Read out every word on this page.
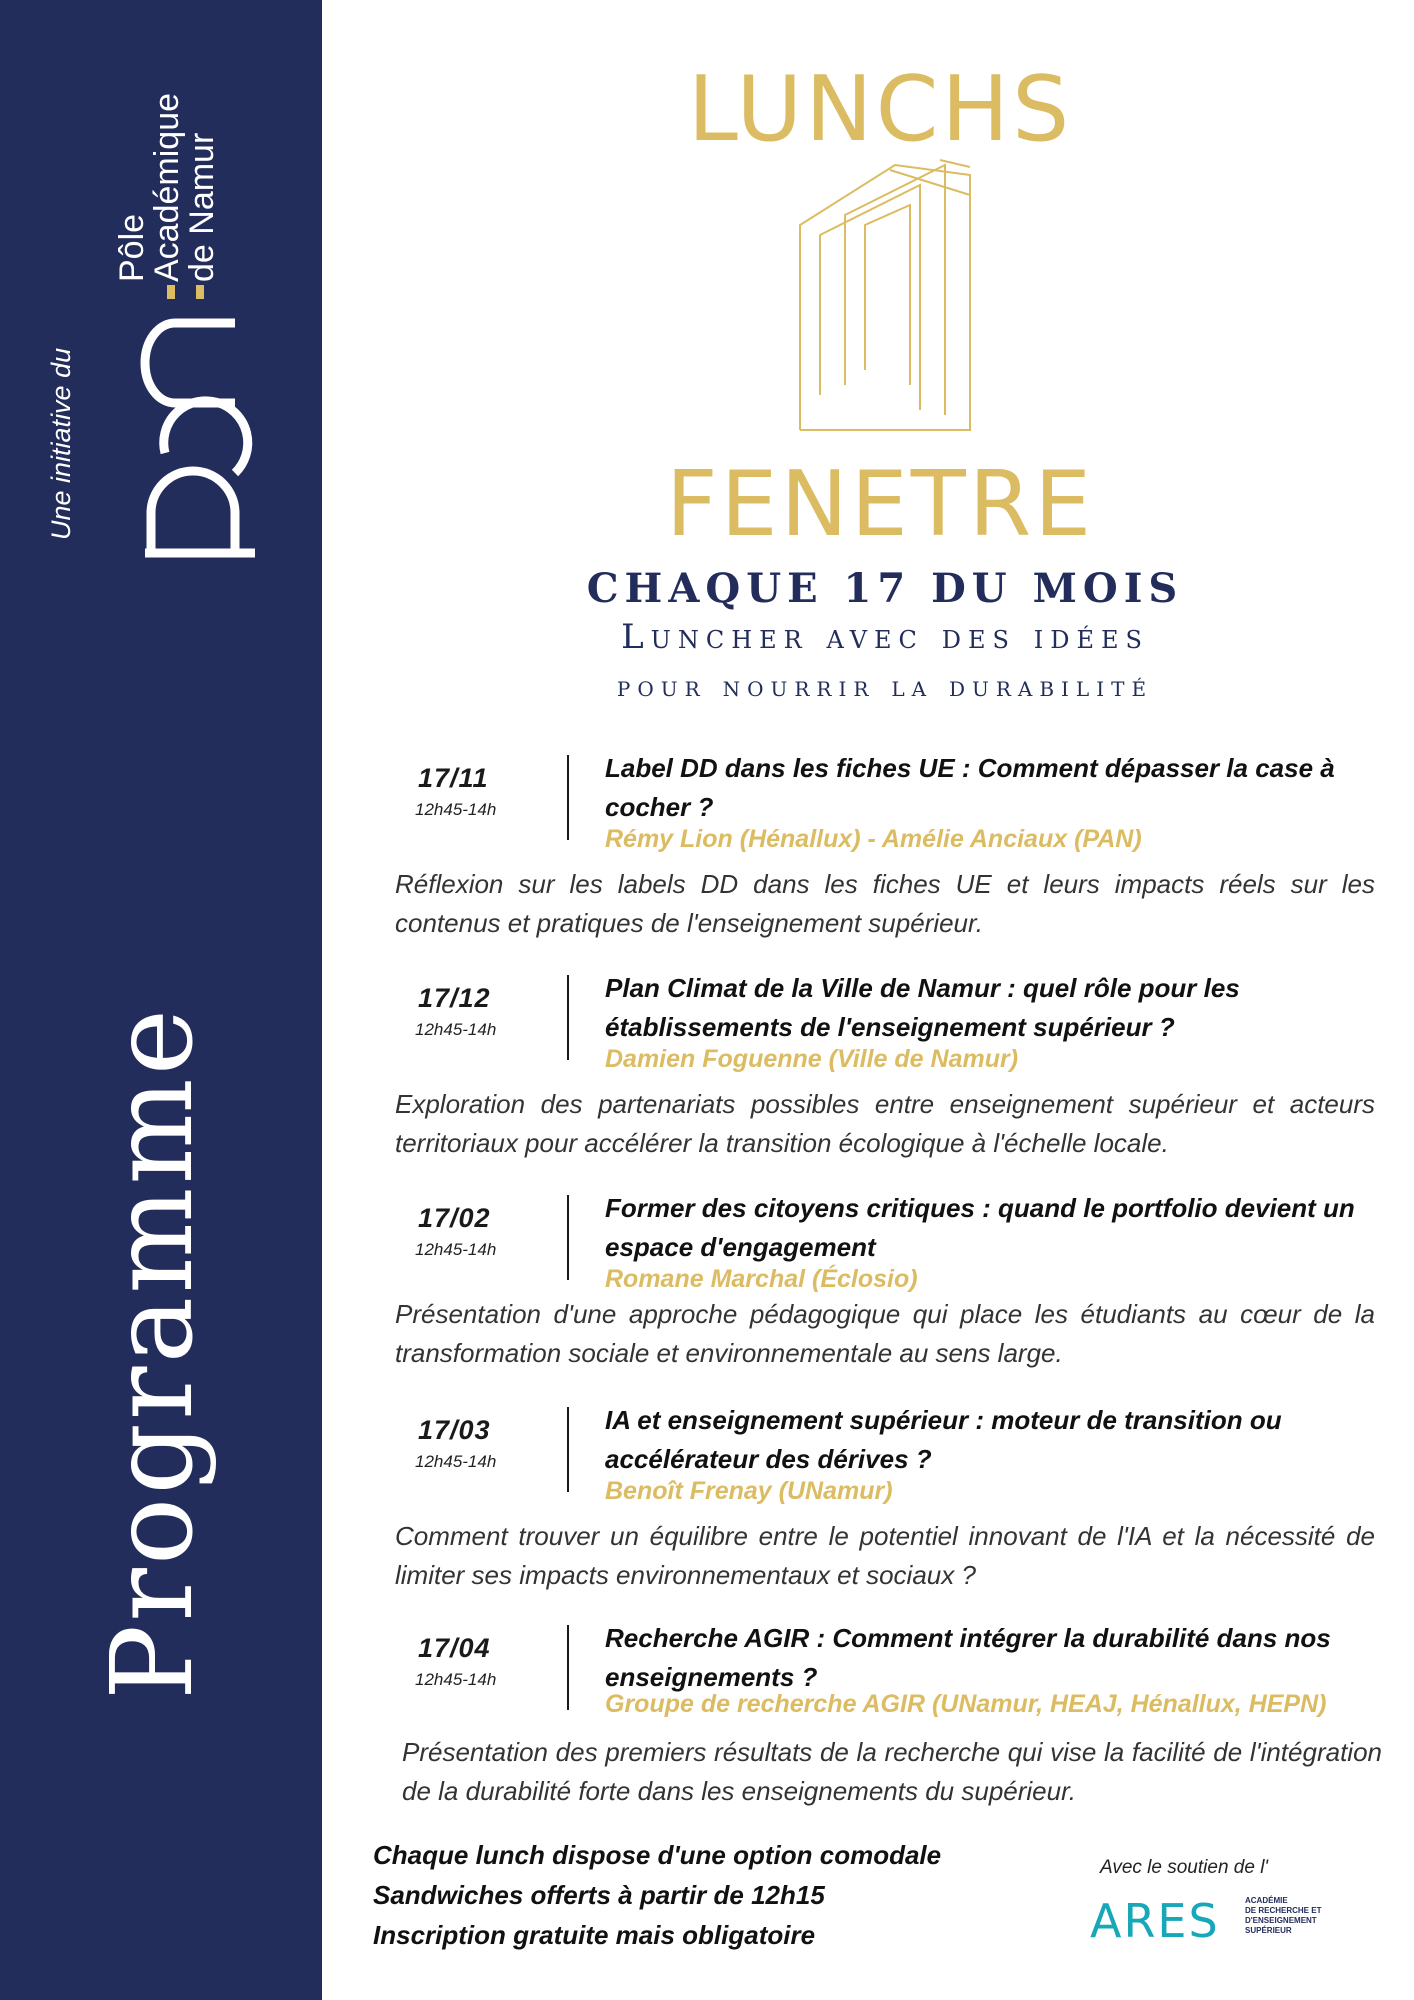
Une initiative du
Pôle
Académique
de Namur
Programme
LUNCHS
FENETRE
CHAQUE 17 DU MOIS
Luncher avec des idées
pour nourrir la durabilité
17/11
12h45-14h
Label DD dans les fiches UE : Comment dépasser la case à cocher ?
Rémy Lion (Hénallux) - Amélie Anciaux (PAN)
Réflexion sur les labels DD dans les fiches UE et leurs impacts réels sur les contenus et pratiques de l'enseignement supérieur.
17/12
12h45-14h
Plan Climat de la Ville de Namur : quel rôle pour les établissements de l'enseignement supérieur ?
Damien Foguenne (Ville de Namur)
Exploration des partenariats possibles entre enseignement supérieur et acteurs territoriaux pour accélérer la transition écologique à l'échelle locale.
17/02
12h45-14h
Former des citoyens critiques : quand le portfolio devient un espace d'engagement
Romane Marchal (Éclosio)
Présentation d'une approche pédagogique qui place les étudiants au cœur de la transformation sociale et environnementale au sens large.
17/03
12h45-14h
IA et enseignement supérieur : moteur de transition ou accélérateur des dérives ?
Benoît Frenay (UNamur)
Comment trouver un équilibre entre le potentiel innovant de l'IA et la nécessité de limiter ses impacts environnementaux et sociaux ?
17/04
12h45-14h
Recherche AGIR : Comment intégrer la durabilité dans nos enseignements ?
Groupe de recherche AGIR (UNamur, HEAJ, Hénallux, HEPN)
Présentation des premiers résultats de la recherche qui vise la facilité de l'intégration de la durabilité forte dans les enseignements du supérieur.
Chaque lunch dispose d'une option comodale
Sandwiches offerts à partir de 12h15
Inscription gratuite mais obligatoire
Avec le soutien de l'
ARES	ACADÉMIE
DE RECHERCHE ET
D'ENSEIGNEMENT
SUPÉRIEUR
